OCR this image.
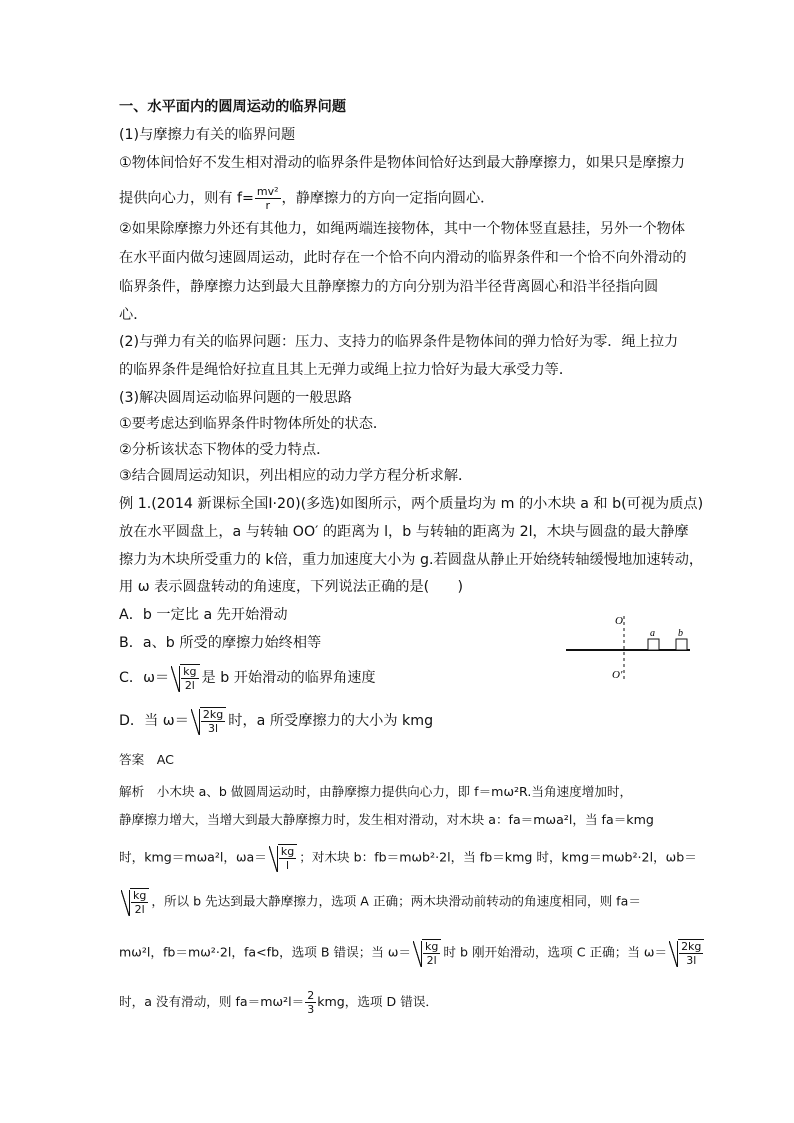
一、水平面内的圆周运动的临界问题
(1)与摩擦力有关的临界问题
①物体间恰好不发生相对滑动的临界条件是物体间恰好达到最大静摩擦力，如果只是摩擦力
提供向心力，则有 $f= \frac{\text{mv²}}{r}$ ，静摩擦力的方向一定指向圆心．
②如果除摩擦力外还有其他力，如绳两端连接物体，其中一个物体竖直悬挂，另外一个物体
在水平面内做匀速圆周运动，此时存在一个恰不向内滑动的临界条件和一个恰不向外滑动的
临界条件，静摩擦力达到最大且静摩擦力的方向分别为沿半径背离圆心和沿半径指向圆
心．
(2)与弹力有关的临界问题：压力、支持力的临界条件是物体间的弹力恰好为零．绳上拉力
的临界条件是绳恰好拉直且其上无弹力或绳上拉力恰好为最大承受力等．
(3)解决圆周运动临界问题的一般思路
①要考虑达到临界条件时物体所处的状态．
②分析该状态下物体的受力特点．
③结合圆周运动知识，列出相应的动力学方程分析求解．
例 1.(2014 新课标全国Ⅰ·20)(多选)如图所示，两个质量均为 m 的小木块 a 和 b(可视为质点)
放在水平圆盘上，a 与转轴 OO′ 的距离为 l，b 与转轴的距离为 2l，木块与圆盘的最大静摩
擦力为木块所受重力的 k倍，重力加速度大小为 g.若圆盘从静止开始绕转轴缓慢地加速转动，
用 ω 表示圆盘转动的角速度，下列说法正确的是(　　)
A．b 一定比 a 先开始滑动
B．a、b 所受的摩擦力始终相等
C．$\omega= \frac{kg}{2l}$ 是 b 开始滑动的临界角速度
D．当 $\omega= \frac{2kg}{3l}$ 时，a 所受摩擦力的大小为 kmg
O
O′
a b
答案　AC
解析　小木块 a、b 做圆周运动时，由静摩擦力提供向心力，即 f＝mω²R.当角速度增加时，
静摩擦力增大，当增大到最大静摩擦力时，发生相对滑动，对木块 a：fa＝mωa²l，当 fa＝kmg
时，kmg＝mωa²l，$\omega a= \frac{kg}{l}$ ；对木块 b：fb＝mωb²·2l，当 fb＝kmg 时，kmg＝mωb²·2l，ωb＝
$\frac{kg}{2l}$ ，所以 b 先达到最大静摩擦力，选项 A 正确；两木块滑动前转动的角速度相同，则 fa＝
mω²l，fb＝mω²·2l，fa<fb，选项 B 错误；当 $\omega= \frac{kg}{2l}$ 时 b 刚开始滑动，选项 C 正确；当 $\omega= \frac{2kg}{3l}$
时，a 没有滑动，则 $fa=m\omega^2l= \frac{2}{3}$ kmg，选项 D 错误．
